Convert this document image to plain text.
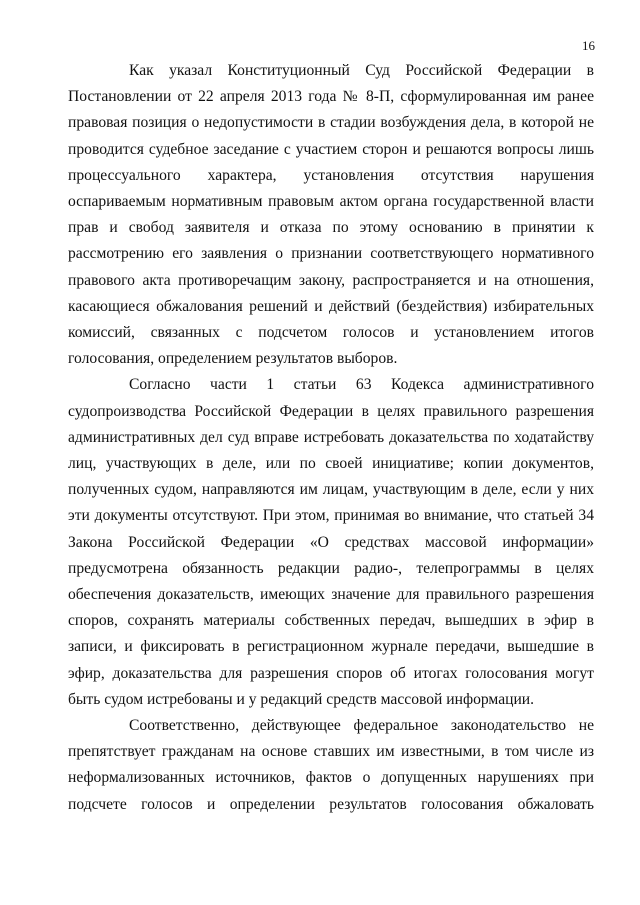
16

Как указал Конституционный Суд Российской Федерации в Постановлении от 22 апреля 2013 года № 8-П, сформулированная им ранее правовая позиция о недопустимости в стадии возбуждения дела, в которой не проводится судебное заседание с участием сторон и решаются вопросы лишь процессуального характера, установления отсутствия нарушения оспариваемым нормативным правовым актом органа государственной власти прав и свобод заявителя и отказа по этому основанию в принятии к рассмотрению его заявления о признании соответствующего нормативного правового акта противоречащим закону, распространяется и на отношения, касающиеся обжалования решений и действий (бездействия) избирательных комиссий, связанных с подсчетом голосов и установлением итогов голосования, определением результатов выборов.

Согласно части 1 статьи 63 Кодекса административного судопроизводства Российской Федерации в целях правильного разрешения административных дел суд вправе истребовать доказательства по ходатайству лиц, участвующих в деле, или по своей инициативе; копии документов, полученных судом, направляются им лицам, участвующим в деле, если у них эти документы отсутствуют. При этом, принимая во внимание, что статьей 34 Закона Российской Федерации «О средствах массовой информации» предусмотрена обязанность редакции радио-, телепрограммы в целях обеспечения доказательств, имеющих значение для правильного разрешения споров, сохранять материалы собственных передач, вышедших в эфир в записи, и фиксировать в регистрационном журнале передачи, вышедшие в эфир, доказательства для разрешения споров об итогах голосования могут быть судом истребованы и у редакций средств массовой информации.

Соответственно, действующее федеральное законодательство не препятствует гражданам на основе ставших им известными, в том числе из неформализованных источников, фактов о допущенных нарушениях при подсчете голосов и определении результатов голосования обжаловать
